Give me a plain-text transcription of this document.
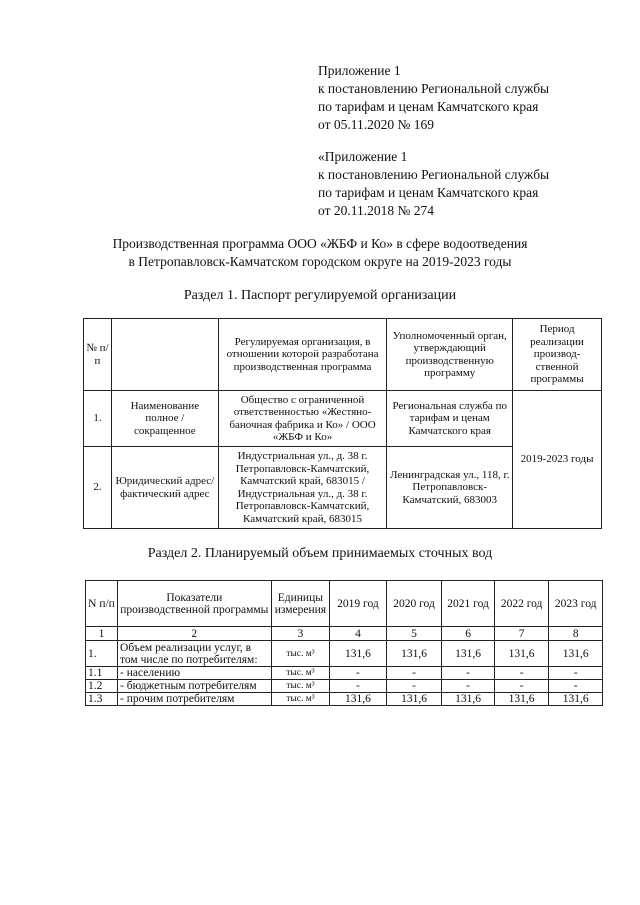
Приложение 1
к постановлению Региональной службы
по тарифам и ценам Камчатского края
от 05.11.2020 № 169
«Приложение 1
к постановлению Региональной службы
по тарифам и ценам Камчатского края
от 20.11.2018 № 274
Производственная программа ООО «ЖБФ и Ко» в сфере водоотведения
в Петропавловск-Камчатском городском округе на 2019-2023 годы
Раздел 1. Паспорт регулируемой организации
№ п/п		Регулируемая организация, в отношении которой разработана производственная программа	Уполномоченный орган, утверждающий производственную программу	Период реализации производ-ственной программы
1.	Наименование полное / сокращенное	Общество с ограниченной ответственностью «Жестяно-баночная фабрика и Ко» / ООО «ЖБФ и Ко»	Региональная служба по тарифам и ценам Камчатского края	2019-2023 годы
2.	Юридический адрес/фактический адрес	Индустриальная ул., д. 38 г. Петропавловск-Камчатский, Камчатский край, 683015 / Индустриальная ул., д. 38 г. Петропавловск-Камчатский, Камчатский край, 683015	Ленинградская ул., 118, г. Петропавловск-Камчатский, 683003	
Раздел 2. Планируемый объем принимаемых сточных вод
N п/п	Показатели производственной программы	Единицы измерения	2019 год	2020 год	2021 год	2022 год	2023 год
1	2	3	4	5	6	7	8
1.	Объем реализации услуг, в том числе по потребителям:	тыс. м³	131,6	131,6	131,6	131,6	131,6
1.1	- населению	тыс. м³	-	-	-	-	-
1.2	- бюджетным потребителям	тыс. м³	-	-	-	-	-
1.3	- прочим потребителям	тыс. м³	131,6	131,6	131,6	131,6	131,6
